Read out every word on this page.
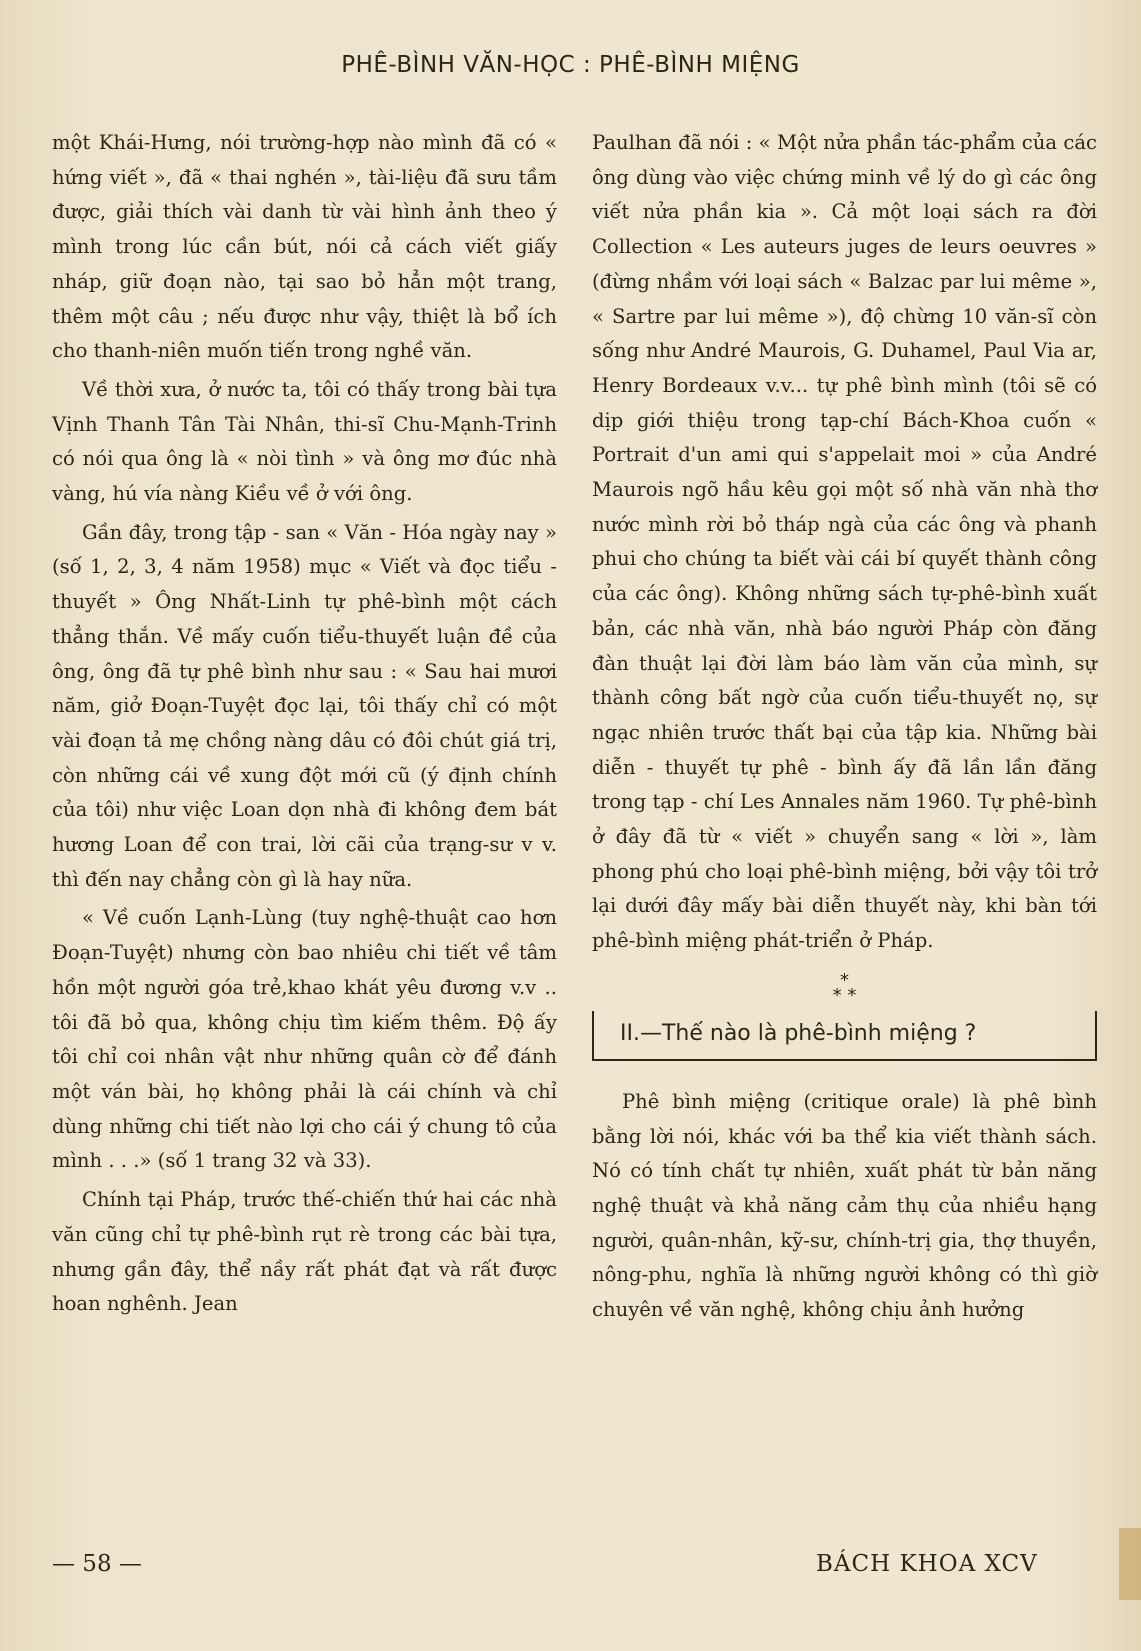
PHÊ-BÌNH VĂN-HỌC : PHÊ-BÌNH MIỆNG

một Khái-Hưng, nói trường-hợp nào mình đã có « hứng viết », đã « thai nghén », tài-liệu đã sưu tầm được, giải thích vài danh từ vài hình ảnh theo ý mình trong lúc cần bút, nói cả cách viết giấy nháp, giữ đoạn nào, tại sao bỏ hẳn một trang, thêm một câu ; nếu được như vậy, thiệt là bổ ích cho thanh-niên muốn tiến trong nghề văn.

Về thời xưa, ở nước ta, tôi có thấy trong bài tựa Vịnh Thanh Tân Tài Nhân, thi-sĩ Chu-Mạnh-Trinh có nói qua ông là « nòi tình » và ông mơ đúc nhà vàng, hú vía nàng Kiều về ở với ông.

Gần đây, trong tập - san « Văn - Hóa ngày nay » (số 1, 2, 3, 4 năm 1958) mục « Viết và đọc tiểu - thuyết » Ông Nhất-Linh tự phê-bình một cách thẳng thắn. Về mấy cuốn tiểu-thuyết luận đề của ông, ông đã tự phê bình như sau : « Sau hai mươi năm, giở Đoạn-Tuyệt đọc lại, tôi thấy chỉ có một vài đoạn tả mẹ chồng nàng dâu có đôi chút giá trị, còn những cái về xung đột mới cũ (ý định chính của tôi) như việc Loan dọn nhà đi không đem bát hương Loan để con trai, lời cãi của trạng-sư v v. thì đến nay chẳng còn gì là hay nữa.

« Về cuốn Lạnh-Lùng (tuy nghệ-thuật cao hơn Đoạn-Tuyệt) nhưng còn bao nhiêu chi tiết về tâm hồn một người góa trẻ,khao khát yêu đương v.v .. tôi đã bỏ qua, không chịu tìm kiếm thêm. Độ ấy tôi chỉ coi nhân vật như những quân cờ để đánh một ván bài, họ không phải là cái chính và chỉ dùng những chi tiết nào lợi cho cái ý chung tô của mình . . .» (số 1 trang 32 và 33).

Chính tại Pháp, trước thế-chiến thứ hai các nhà văn cũng chỉ tự phê-bình rụt rè trong các bài tựa, nhưng gần đây, thể nầy rất phát đạt và rất được hoan nghênh. Jean

Paulhan đã nói : « Một nửa phần tác-phẩm của các ông dùng vào việc chứng minh về lý do gì các ông viết nửa phần kia ». Cả một loại sách ra đời Collection « Les auteurs juges de leurs oeuvres » (đừng nhầm với loại sách « Balzac par lui même », « Sartre par lui même »), độ chừng 10 văn-sĩ còn sống như André Maurois, G. Duhamel, Paul Via ar, Henry Bordeaux v.v... tự phê bình mình (tôi sẽ có dịp giới thiệu trong tạp-chí Bách-Khoa cuốn « Portrait d'un ami qui s'appelait moi » của André Maurois ngõ hầu kêu gọi một số nhà văn nhà thơ nước mình rời bỏ tháp ngà của các ông và phanh phui cho chúng ta biết vài cái bí quyết thành công của các ông). Không những sách tự-phê-bình xuất bản, các nhà văn, nhà báo người Pháp còn đăng đàn thuật lại đời làm báo làm văn của mình, sự thành công bất ngờ của cuốn tiểu-thuyết nọ, sự ngạc nhiên trước thất bại của tập kia. Những bài diễn - thuyết tự phê - bình ấy đã lần lần đăng trong tạp - chí Les Annales năm 1960. Tự phê-bình ở đây đã từ « viết » chuyển sang « lời », làm phong phú cho loại phê-bình miệng, bởi vậy tôi trở lại dưới đây mấy bài diễn thuyết này, khi bàn tới phê-bình miệng phát-triển ở Pháp.

*
* *
II.—Thế nào là phê-bình miệng ?

Phê bình miệng (critique orale) là phê bình bằng lời nói, khác với ba thể kia viết thành sách. Nó có tính chất tự nhiên, xuất phát từ bản năng nghệ thuật và khả năng cảm thụ của nhiều hạng người, quân-nhân, kỹ-sư, chính-trị gia, thợ thuyền, nông-phu, nghĩa là những người không có thì giờ chuyên về văn nghệ, không chịu ảnh hưởng

— 58 —	BÁCH KHOA XCV
